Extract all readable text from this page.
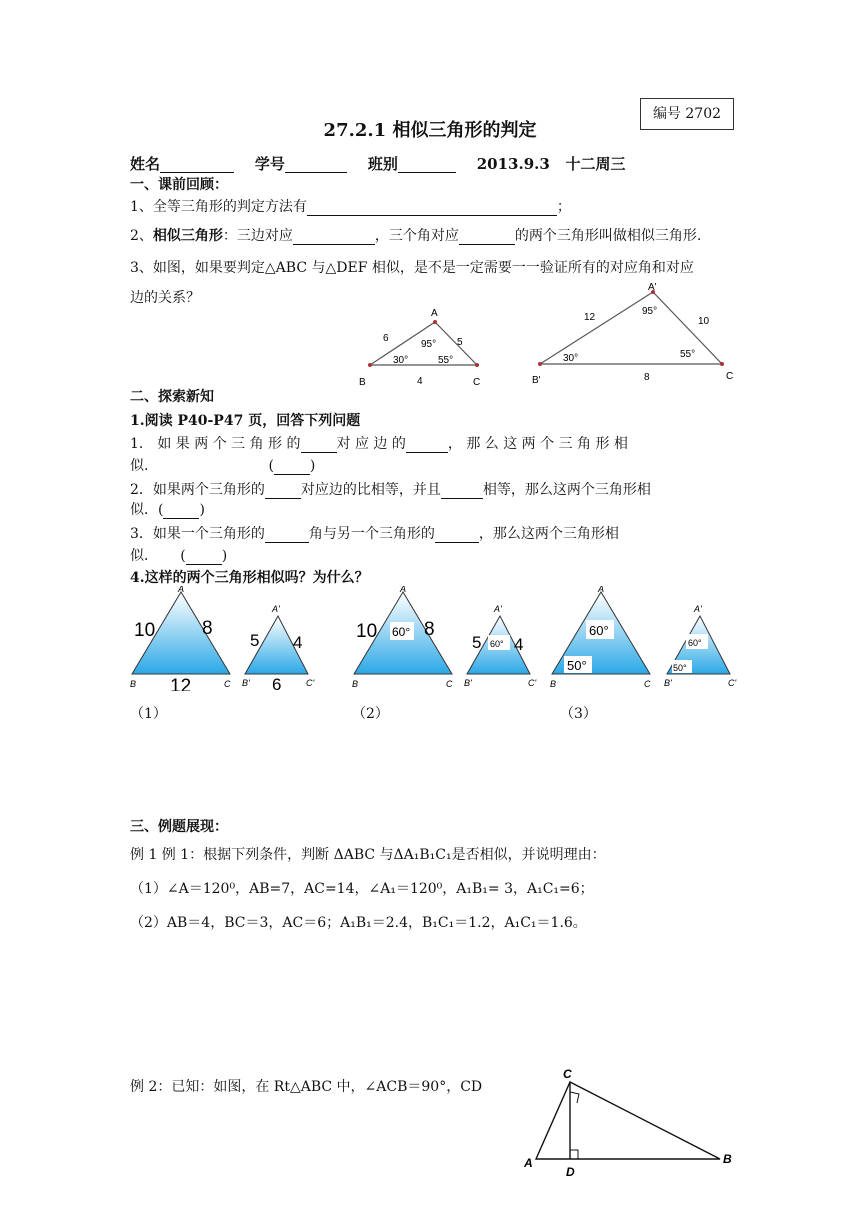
编号 2702
27.2.1 相似三角形的判定
姓名	学号	班别	2013.9.3 十二周三
一、课前回顾：
1、全等三角形的判定方法有	；
2、相似三角形：三边对应	，三个角对应	的两个三角形叫做相似三角形.
3、如图，如果要判定△ABC 与△DEF 相似，是不是一定需要一一验证所有的对应角和对应
边的关系？
A
B	C
6	5
4
95°
30°	55°
A'
B'	C
12	10
8
95°
30°	55°
二、探索新知
1.阅读 P40-P47 页，回答下列问题
1． 如 果 两 个 三 角 形 的	对 应 边 的	， 那 么 这 两 个 三 角 形 相
似.	(	)
2．如果两个三角形的	对应边的比相等，并且	相等，那么这两个三角形相
似．(	)
3．如果一个三角形的	角与另一个三角形的	，那么这两个三角形相
似．     (	)
4.这样的两个三角形相似吗？为什么？
A
B	C
10 8
12
A'
B'	C'
5 4
6
A
B	C
10 8
60°
A'
B'	C'
5 4
60°
A
B	C
60°
50°
A'
B'	C'
60°
50°
（1）	（2）	（3）
三、例题展现：
例 1 例 1：根据下列条件，判断 ΔABC 与ΔA₁B₁C₁是否相似，并说明理由：
（1）∠A＝120⁰，AB=7，AC=14，∠A₁＝120⁰，A₁B₁= 3，A₁C₁=6；
（2）AB＝4，BC＝3，AC＝6；A₁B₁＝2.4，B₁C₁＝1.2，A₁C₁＝1.6。
例 2：已知：如图，在 Rt△ABC 中，∠ACB＝90°，CD
C
A
D
B
